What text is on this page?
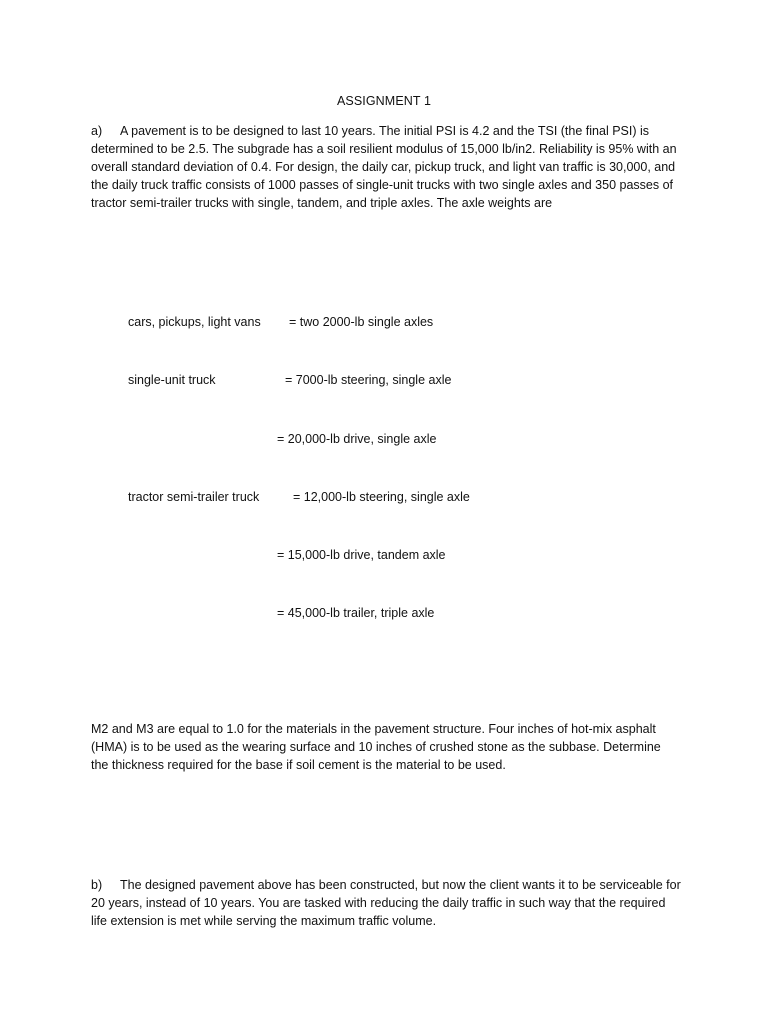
ASSIGNMENT 1
a) A pavement is to be designed to last 10 years. The initial PSI is 4.2 and the TSI (the final PSI) is determined to be 2.5. The subgrade has a soil resilient modulus of 15,000 lb/in2. Reliability is 95% with an overall standard deviation of 0.4. For design, the daily car, pickup truck, and light van traffic is 30,000, and the daily truck traffic consists of 1000 passes of single-unit trucks with two single axles and 350 passes of tractor semi-trailer trucks with single, tandem, and triple axles. The axle weights are
cars, pickups, light vans = two 2000-lb single axles
single-unit truck	= 7000-lb steering, single axle
= 20,000-lb drive, single axle
tractor semi-trailer truck	= 12,000-lb steering, single axle
= 15,000-lb drive, tandem axle
= 45,000-lb trailer, triple axle
M2 and M3 are equal to 1.0 for the materials in the pavement structure. Four inches of hot-mix asphalt (HMA) is to be used as the wearing surface and 10 inches of crushed stone as the subbase. Determine the thickness required for the base if soil cement is the material to be used.
b) The designed pavement above has been constructed, but now the client wants it to be serviceable for 20 years, instead of 10 years. You are tasked with reducing the daily traffic in such way that the required life extension is met while serving the maximum traffic volume.
